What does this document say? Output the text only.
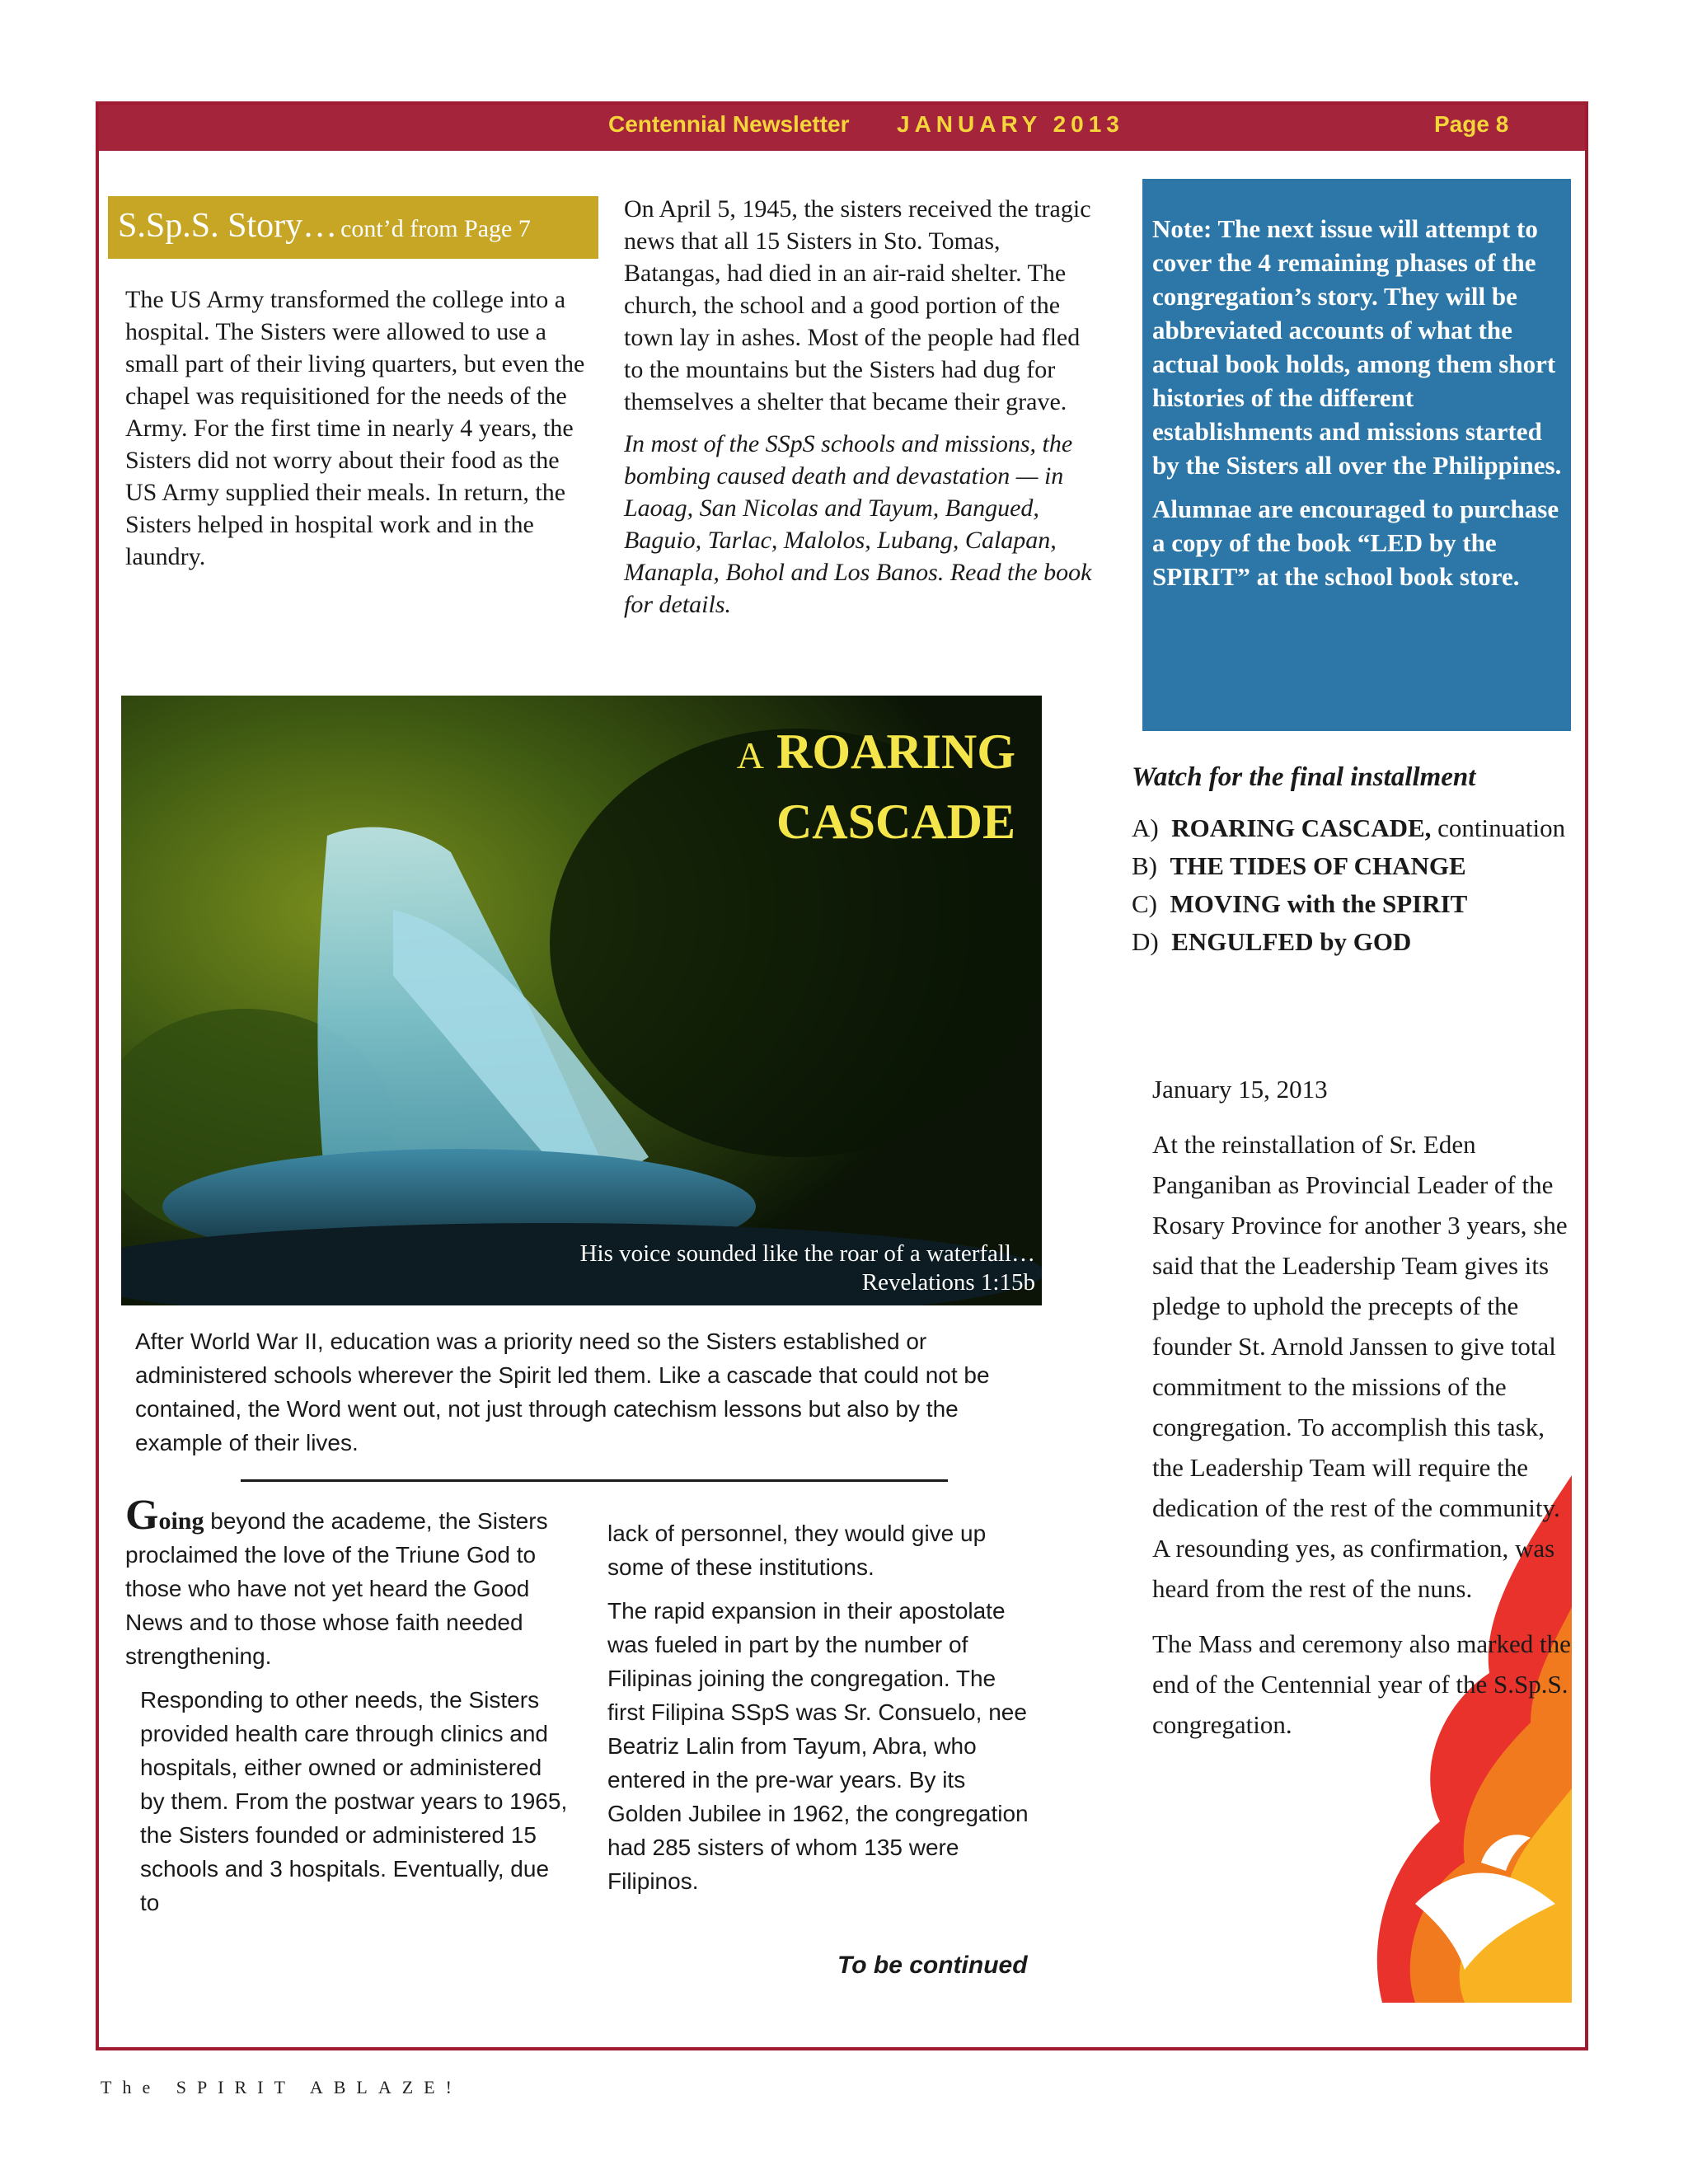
Centennial Newsletter JANUARY 2013	Page 8
S.Sp.S. Story… cont’d from Page 7

The US Army transformed the college into a hospital. The Sisters were allowed to use a small part of their living quarters, but even the chapel was requisitioned for the needs of the Army. For the first time in nearly 4 years, the Sisters did not worry about their food as the US Army supplied their meals. In return, the Sisters helped in hospital work and in the laundry.

On April 5, 1945, the sisters received the tragic news that all 15 Sisters in Sto. Tomas, Batangas, had died in an air-raid shelter. The church, the school and a good portion of the town lay in ashes. Most of the people had fled to the mountains but the Sisters had dug for themselves a shelter that became their grave.

In most of the SSpS schools and missions, the bombing caused death and devastation — in Laoag, San Nicolas and Tayum, Bangued, Baguio, Tarlac, Malolos, Lubang, Calapan, Manapla, Bohol and Los Banos. Read the book for details.

Note: The next issue will attempt to cover the 4 remaining phases of the congregation’s story. They will be abbreviated accounts of what the actual book holds, among them short histories of the different establishments and missions started by the Sisters all over the Philippines.

Alumnae are encouraged to purchase a copy of the book “LED by the SPIRIT” at the school book store.

A ROARING
CASCADE
His voice sounded like the roar of a waterfall…
Revelations 1:15b
Watch for the final installment
A) ROARING CASCADE, continuation
B) THE TIDES OF CHANGE
C) MOVING with the SPIRIT
D)  ENGULFED by GOD

January 15, 2013

At the reinstallation of Sr. Eden Panganiban as Provincial Leader of the Rosary Province for another 3 years, she said that the Leadership Team gives its pledge to uphold the precepts of the founder St. Arnold Janssen to give total commitment to the missions of the congregation. To accomplish this task, the Leadership Team will require the dedication of the rest of the community. A resounding yes, as confirmation, was heard from the rest of the nuns.

The Mass and ceremony also marked the end of the Centennial year of the S.Sp.S. congregation.

After World War II, education was a priority need so the Sisters established or administered schools wherever the Spirit led them. Like a cascade that could not be contained, the Word went out, not just through catechism lessons but also by the example of their lives.

Going beyond the academe, the Sisters proclaimed the love of the Triune God to those who have not yet heard the Good News and to those whose faith needed strengthening.

Responding to other needs, the Sisters provided health care through clinics and hospitals, either owned or administered by them. From the postwar years to 1965, the Sisters founded or administered 15 schools and 3 hospitals. Eventually, due to

lack of personnel, they would give up some of these institutions.

The rapid expansion in their apostolate was fueled in part by the number of Filipinas joining the congregation. The first Filipina SSpS was Sr. Consuelo, nee Beatriz Lalin from Tayum, Abra, who entered in the pre-war years. By its Golden Jubilee in 1962, the congregation had 285 sisters of whom 135 were Filipinos.

To be continued
The SPIRIT ABLAZE!
